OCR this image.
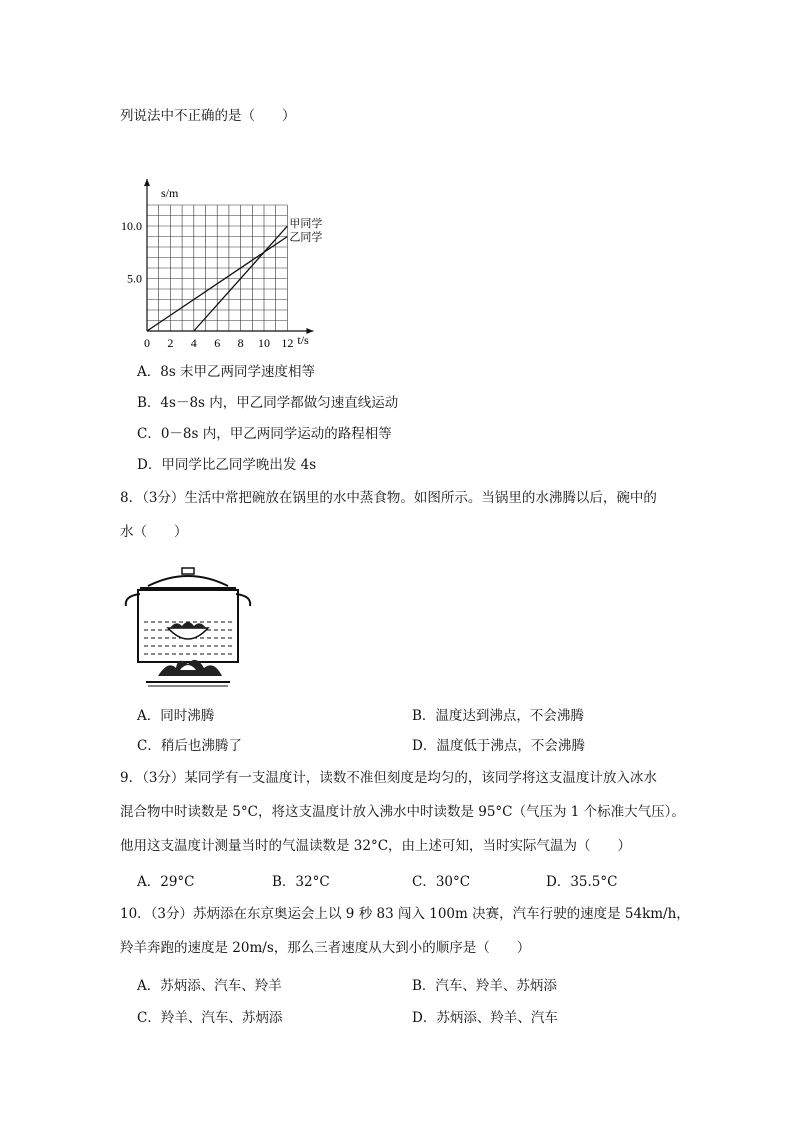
列说法中不正确的是（　　）
s/m
t/s
0 2 4 6 8 10 12
5.0
10.0	甲同学
乙同学
A．8s 末甲乙两同学速度相等
B．4s－8s 内，甲乙同学都做匀速直线运动
C．0－8s 内，甲乙两同学运动的路程相等
D．甲同学比乙同学晚出发 4s
8．（3分）生活中常把碗放在锅里的水中蒸食物。如图所示。当锅里的水沸腾以后，碗中的
水（　　）
A．同时沸腾	B．温度达到沸点，不会沸腾
C．稍后也沸腾了	D．温度低于沸点，不会沸腾
9．（3分）某同学有一支温度计，读数不准但刻度是均匀的，该同学将这支温度计放入冰水
混合物中时读数是 5°C，将这支温度计放入沸水中时读数是 95°C（气压为 1 个标准大气压）。
他用这支温度计测量当时的气温读数是 32°C，由上述可知，当时实际气温为（　　）
A．29°C	B．32°C	C．30°C	D．35.5°C
10．（3分）苏炳添在东京奥运会上以 9 秒 83 闯入 100m 决赛，汽车行驶的速度是 54km/h，
羚羊奔跑的速度是 20m/s，那么三者速度从大到小的顺序是（　　）
A．苏炳添、汽车、羚羊	B．汽车、羚羊、苏炳添
C．羚羊、汽车、苏炳添	D．苏炳添、羚羊、汽车
